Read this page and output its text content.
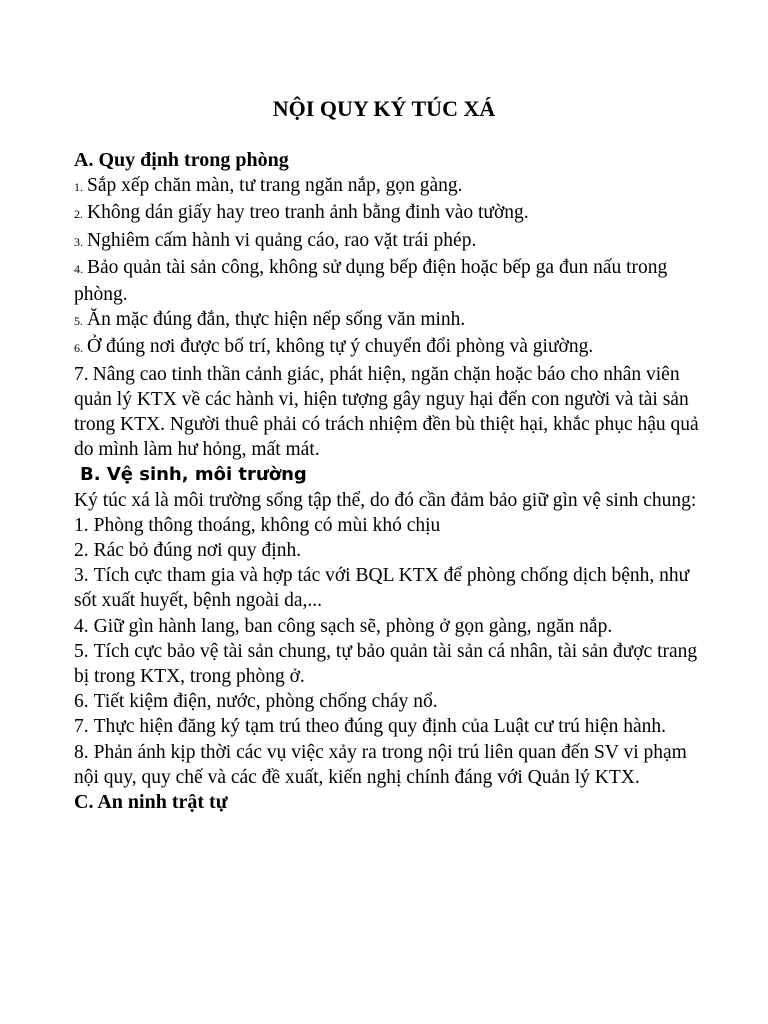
NỘI QUY KÝ TÚC XÁ
A. Quy định trong phòng

1. Sắp xếp chăn màn, tư trang ngăn nắp, gọn gàng.

2. Không dán giấy hay treo tranh ảnh bằng đinh vào tường.

3. Nghiêm cấm hành vi quảng cáo, rao vặt trái phép.

4. Bảo quản tài sản công, không sử dụng bếp điện hoặc bếp ga đun nấu trong phòng.

5. Ăn mặc đúng đắn, thực hiện nếp sống văn minh.

6. Ở đúng nơi được bố trí, không tự ý chuyển đổi phòng và giường.

7. Nâng cao tinh thần cảnh giác, phát hiện, ngăn chặn hoặc báo cho nhân viên quản lý KTX về các hành vi, hiện tượng gây nguy hại đến con người và tài sản trong KTX. Người thuê phải có trách nhiệm đền bù thiệt hại, khắc phục hậu quả do mình làm hư hỏng, mất mát.

B. Vệ sinh, môi trường

Ký túc xá là môi trường sống tập thể, do đó cần đảm bảo giữ gìn vệ sinh chung:

1. Phòng thông thoáng, không có mùi khó chịu

2. Rác bỏ đúng nơi quy định.

3. Tích cực tham gia và hợp tác với BQL KTX để phòng chống dịch bệnh, như sốt xuất huyết, bệnh ngoài da,...

4. Giữ gìn hành lang, ban công sạch sẽ, phòng ở gọn gàng, ngăn nắp.

5. Tích cực bảo vệ tài sản chung, tự bảo quản tài sản cá nhân, tài sản được trang bị trong KTX, trong phòng ở.

6. Tiết kiệm điện, nước, phòng chống cháy nổ.

7. Thực hiện đăng ký tạm trú theo đúng quy định của Luật cư trú hiện hành.

8. Phản ánh kịp thời các vụ việc xảy ra trong nội trú liên quan đến SV vi phạm nội quy, quy chế và các đề xuất, kiến nghị chính đáng với Quản lý KTX.

C. An ninh trật tự
